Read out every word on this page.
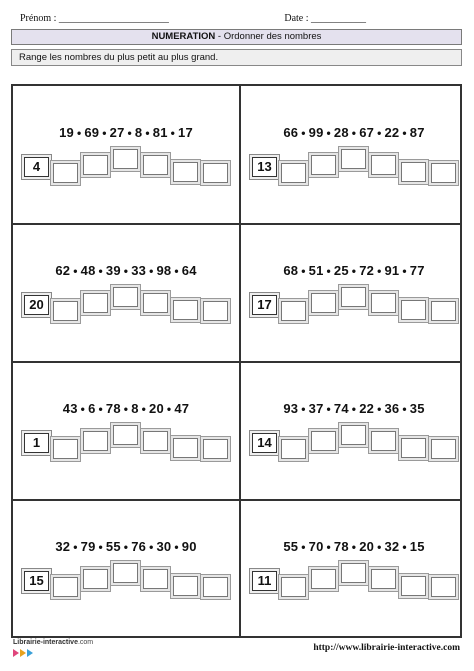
Prénom : ______________________	Date : ___________
NUMERATION - Ordonner des nombres
Range les nombres du plus petit au plus grand.
19 • 69 • 27 • 8 • 81 • 17
4
66 • 99 • 28 • 67 • 22 • 87
13
62 • 48 • 39 • 33 • 98 • 64
20
68 • 51 • 25 • 72 • 91 • 77
17
43 • 6 • 78 • 8 • 20 • 47
1
93 • 37 • 74 • 22 • 36 • 35
14
32 • 79 • 55 • 76 • 30 • 90
15
55 • 70 • 78 • 20 • 32 • 15
11
Librairie-interactive.com
http://www.librairie-interactive.com
